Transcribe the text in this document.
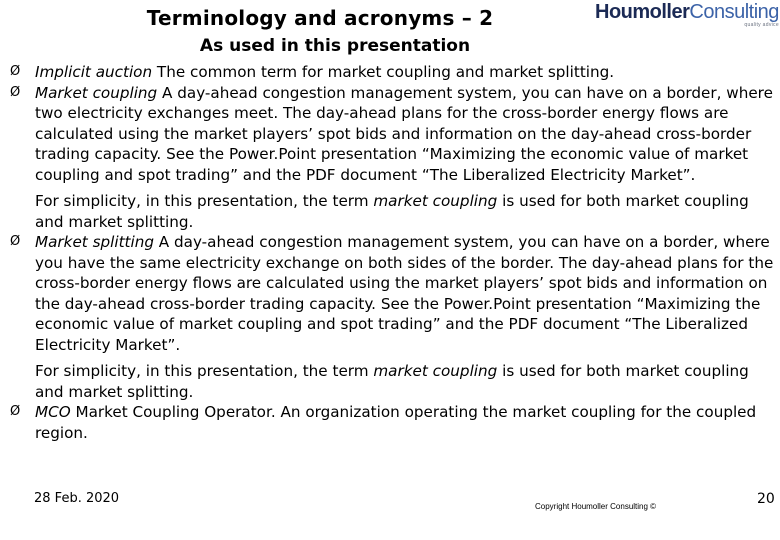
Terminology and acronyms – 2
As used in this presentation
HoumollerConsulting
quality advice
Ø Implicit auction The common term for market coupling and market splitting.
Ø Market coupling A day-ahead congestion management system, you can have on a border, where two electricity exchanges meet. The day-ahead plans for the cross-border energy flows are calculated using the market players’ spot bids and information on the day-ahead cross-border trading capacity. See the Power.Point presentation “Maximizing the economic value of market coupling and spot trading” and the PDF document “The Liberalized Electricity Market”.
For simplicity, in this presentation, the term market coupling is used for both market coupling and market splitting.
Ø Market splitting A day-ahead congestion management system, you can have on a border, where you have the same electricity exchange on both sides of the border. The day-ahead plans for the cross-border energy flows are calculated using the market players’ spot bids and information on the day-ahead cross-border trading capacity. See the Power.Point presentation “Maximizing the economic value of market coupling and spot trading” and the PDF document “The Liberalized Electricity Market”.
For simplicity, in this presentation, the term market coupling is used for both market coupling and market splitting.
Ø MCO Market Coupling Operator. An organization operating the market coupling for the coupled region.
28 Feb. 2020
Copyright Houmoller Consulting ©	20
